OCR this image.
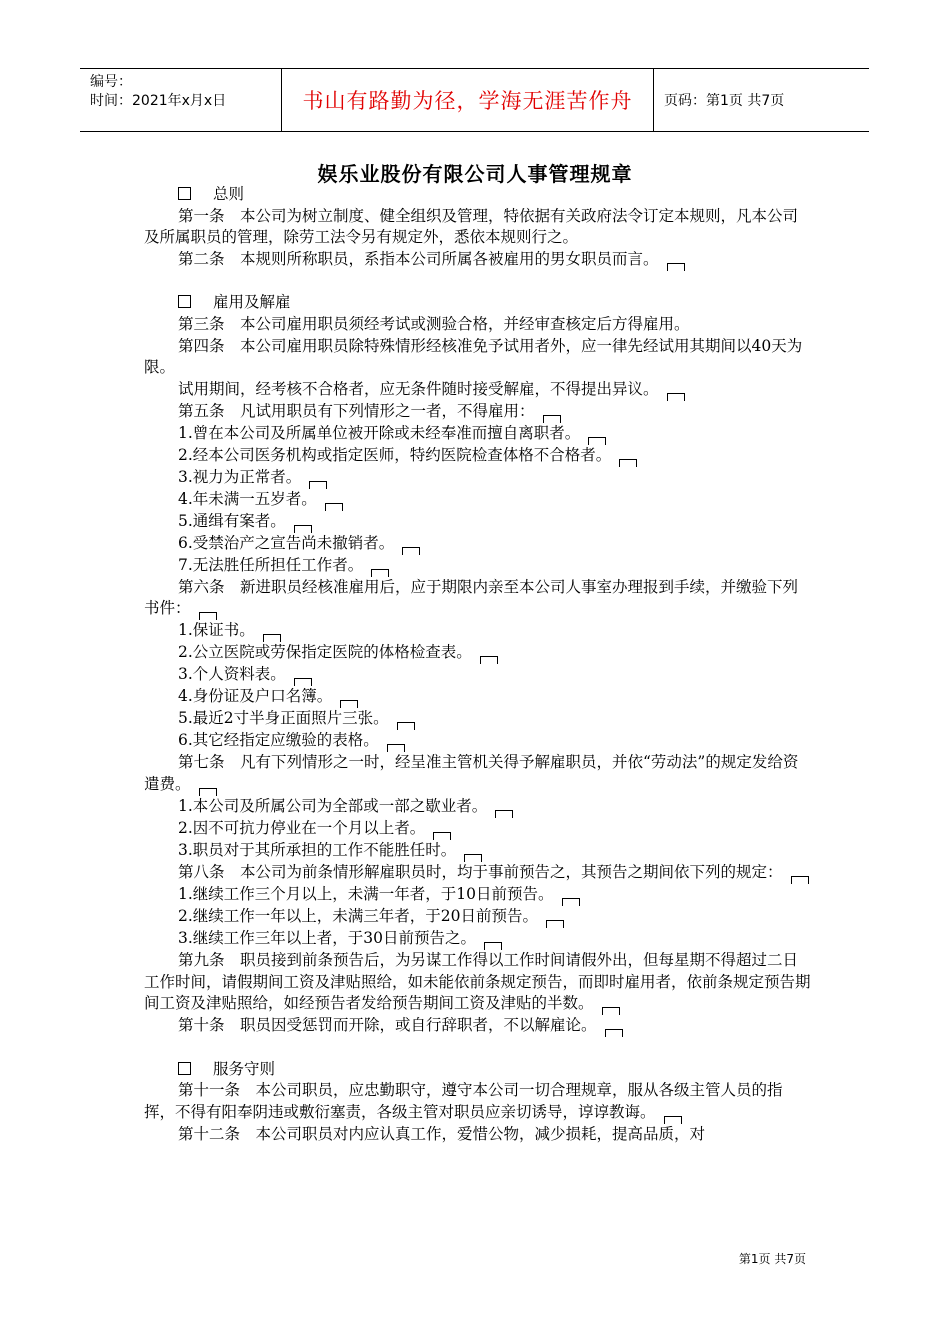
编号：
时间：2021年x月x日	书山有路勤为径，学海无涯苦作舟	页码：第1页 共7页
娱乐业股份有限公司人事管理规章

总则

第一条　本公司为树立制度、健全组织及管理，特依据有关政府法令订定本规则，凡本公司及所属职员的管理，除劳工法令另有规定外，悉依本规则行之。

第二条　本规则所称职员，系指本公司所属各被雇用的男女职员而言。

雇用及解雇

第三条　本公司雇用职员须经考试或测验合格，并经审查核定后方得雇用。

第四条　本公司雇用职员除特殊情形经核准免予试用者外，应一律先经试用其期间以40天为限。

试用期间，经考核不合格者，应无条件随时接受解雇，不得提出异议。

第五条　凡试用职员有下列情形之一者，不得雇用：

1.曾在本公司及所属单位被开除或未经奉准而擅自离职者。

2.经本公司医务机构或指定医师，特约医院检查体格不合格者。

3.视力为正常者。

4.年未满一五岁者。

5.通缉有案者。

6.受禁治产之宣告尚未撤销者。

7.无法胜任所担任工作者。

第六条　新进职员经核准雇用后，应于期限内亲至本公司人事室办理报到手续，并缴验下列书件：

1.保证书。

2.公立医院或劳保指定医院的体格检查表。

3.个人资料表。

4.身份证及户口名簿。

5.最近2寸半身正面照片三张。

6.其它经指定应缴验的表格。

第七条　凡有下列情形之一时，经呈准主管机关得予解雇职员，并依“劳动法”的规定发给资遣费。

1.本公司及所属公司为全部或一部之歇业者。

2.因不可抗力停业在一个月以上者。

3.职员对于其所承担的工作不能胜任时。

第八条　本公司为前条情形解雇职员时，均于事前预告之，其预告之期间依下列的规定：

1.继续工作三个月以上，未满一年者，于10日前预告。

2.继续工作一年以上，未满三年者，于20日前预告。

3.继续工作三年以上者，于30日前预告之。

第九条　职员接到前条预告后，为另谋工作得以工作时间请假外出，但每星期不得超过二日工作时间，请假期间工资及津贴照给，如未能依前条规定预告，而即时雇用者，依前条规定预告期间工资及津贴照给，如经预告者发给预告期间工资及津贴的半数。

第十条　职员因受惩罚而开除，或自行辞职者，不以解雇论。

服务守则

第十一条　本公司职员，应忠勤职守，遵守本公司一切合理规章，服从各级主管人员的指挥，不得有阳奉阴违或敷衍塞责，各级主管对职员应亲切诱导，谆谆教诲。

第十二条　本公司职员对内应认真工作，爱惜公物，减少损耗，提高品质，对

第1页 共7页
